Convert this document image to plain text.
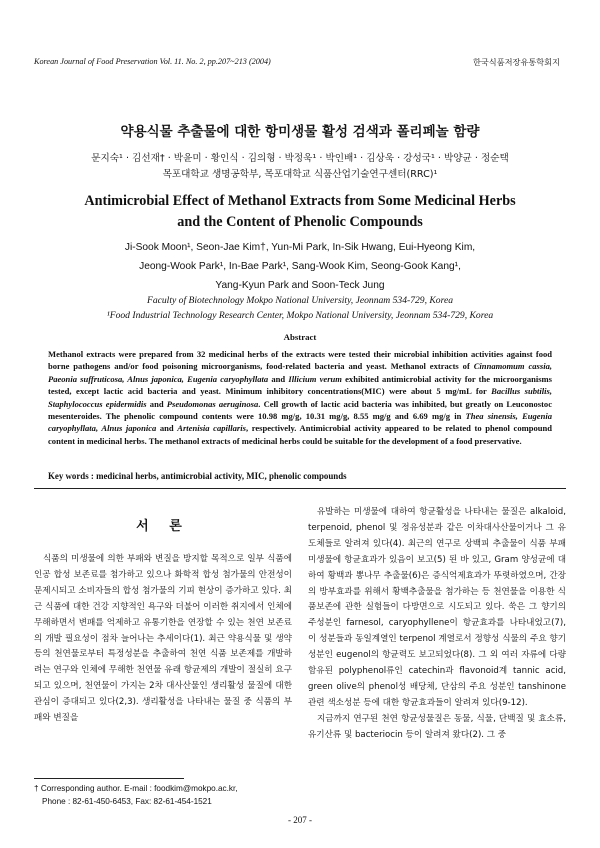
Korean Journal of Food Preservation Vol. 11. No. 2, pp.207~213 (2004)	한국식품저장유통학회지
약용식물 추출물에 대한 항미생물 활성 검색과 폴리페놀 함량
문지숙¹ · 김선재† · 박윤미 · 황인식 · 김의형 · 박정욱¹ · 박인배¹ · 김상욱 · 강성국¹ · 박양균 · 정순택
목포대학교 생명공학부, 목포대학교 식품산업기술연구센터(RRC)¹
Antimicrobial Effect of Methanol Extracts from Some Medicinal Herbs
and the Content of Phenolic Compounds
Ji-Sook Moon¹, Seon-Jae Kim†, Yun-Mi Park, In-Sik Hwang, Eui-Hyeong Kim,
Jeong-Wook Park¹, In-Bae Park¹, Sang-Wook Kim, Seong-Gook Kang¹,
Yang-Kyun Park and Soon-Teck Jung
Faculty of Biotechnology Mokpo National University, Jeonnam 534-729, Korea
¹Food Industrial Technology Research Center, Mokpo National University, Jeonnam 534-729, Korea
Abstract
Methanol extracts were prepared from 32 medicinal herbs of the extracts were tested their microbial inhibition activities against food borne pathogens and/or food poisoning microorganisms, food-related bacteria and yeast. Methanol extracts of Cinnamomum cassia, Paeonia suffruticosa, Alnus japonica, Eugenia caryophyllata and Illicium verum exhibited antimicrobial activity for the microorganisms tested, except lactic acid bacteria and yeast. Minimum inhibitory concentrations(MIC) were about 5 mg/mL for Bacillus subtilis, Staphylococcus epidermidis and Pseudomonas aeruginosa. Cell growth of lactic acid bacteria was inhibited, but greatly on Leuconostoc mesenteroides. The phenolic compound contents were 10.98 mg/g, 10.31 mg/g, 8.55 mg/g and 6.69 mg/g in Thea sinensis, Eugenia caryophyllata, Alnus japonica and Artenisia capillaris, respectively. Antimicrobial activity appeared to be related to phenol compound content in medicinal herbs. The methanol extracts of medicinal herbs could be suitable for the development of a food preservative.
Key words : medicinal herbs, antimicrobial activity, MIC, phenolic compounds
서 론

식품의 미생물에 의한 부패와 변질을 방지할 목적으로 일부 식품에 인공 합성 보존료를 첨가하고 있으나 화학적 합성 첨가물의 안전성이 문제시되고 소비자들의 합성 첨가물의 기피 현상이 증가하고 있다. 최근 식품에 대한 건강 지향적인 욕구와 더불어 이러한 취지에서 인체에 무해하면서 변패를 억제하고 유통기한을 연장할 수 있는 천연 보존료의 개발 필요성이 점차 늘어나는 추세이다(1). 최근 약용식물 및 생약 등의 천연물로부터 특정성분을 추출하여 천연 식품 보존제를 개발하려는 연구와 인체에 무해한 천연물 유래 항균제의 개발이 절실히 요구되고 있으며, 천연물이 가지는 2차 대사산물인 생리활성 물질에 대한 관심이 증대되고 있다(2,3). 생리활성을 나타내는 물질 중 식품의 부패와 변질을

유발하는 미생물에 대하여 항균활성을 나타내는 물질은 alkaloid, terpenoid, phenol 및 정유성분과 같은 이차대사산물이거나 그 유도체들로 알려져 있다(4). 최근의 연구로 상백피 추출물이 식품 부패미생물에 항균효과가 있음이 보고(5) 된 바 있고, Gram 양성균에 대하여 황백과 뽕나무 추출물(6)은 증식억제효과가 뚜렷하였으며, 간장의 방부효과를 위해서 황백추출물을 첨가하는 등 천연물을 이용한 식품보존에 관한 실험들이 다방면으로 시도되고 있다. 쑥은 그 향기의 주성분인 farnesol, caryophyllene이 항균효과를 나타내었고(7), 이 성분들과 동일계열인 terpenol 계열로서 정향성 식물의 주요 향기 성분인 eugenol의 항균력도 보고되었다(8). 그 외 여러 자류에 다량 함유된 polyphenol류인 catechin과 flavonoid계 tannic acid, green olive의 phenol성 배당체, 단삼의 주요 성분인 tanshinone 관련 색소성분 등에 대한 항균효과들이 알려져 있다(9-12).

지금까지 연구된 천연 항균성물질은 동물, 식물, 단백질 및 효소류, 유기산류 및 bacteriocin 등이 알려져 왔다(2). 그 중

† Corresponding author. E-mail : foodkim@mokpo.ac.kr,
Phone : 82-61-450-6453, Fax: 82-61-454-1521
- 207 -
